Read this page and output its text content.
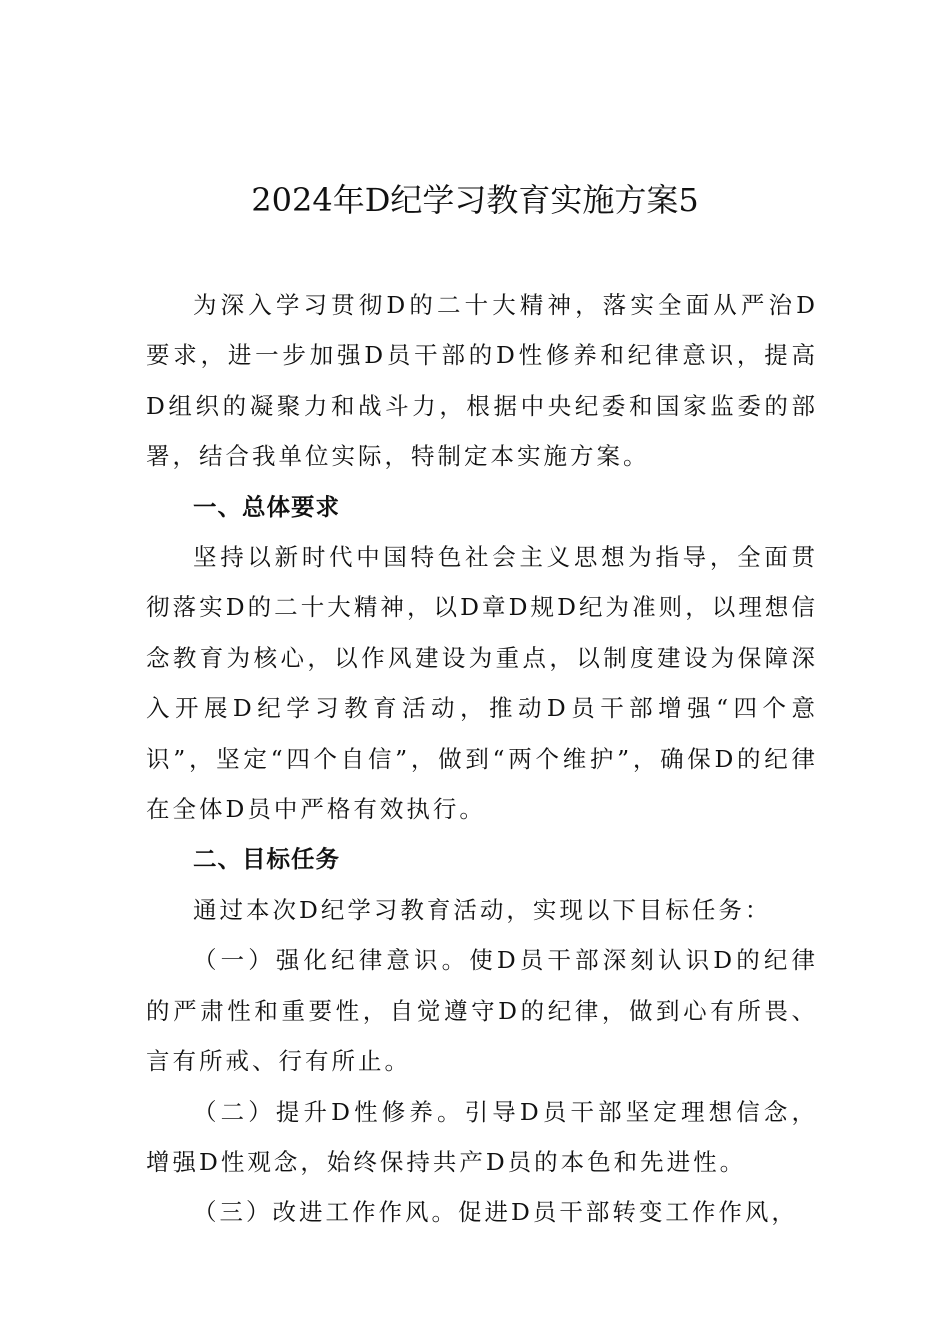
2024年D纪学习教育实施方案5

为深入学习贯彻D的二十大精神，落实全面从严治D要求，进一步加强D员干部的D性修养和纪律意识，提高D组织的凝聚力和战斗力，根据中央纪委和国家监委的部署，结合我单位实际，特制定本实施方案。

一、总体要求

坚持以新时代中国特色社会主义思想为指导，全面贯彻落实D的二十大精神，以D章D规D纪为准则，以理想信念教育为核心，以作风建设为重点，以制度建设为保障深入开展D纪学习教育活动，推动D员干部增强“四个意识”，坚定“四个自信”，做到“两个维护”，确保D的纪律在全体D员中严格有效执行。

二、目标任务

通过本次D纪学习教育活动，实现以下目标任务：

（一）强化纪律意识。使D员干部深刻认识D的纪律的严肃性和重要性，自觉遵守D的纪律，做到心有所畏、言有所戒、行有所止。

（二）提升D性修养。引导D员干部坚定理想信念，增强D性观念，始终保持共产D员的本色和先进性。

（三）改进工作作风。促进D员干部转变工作作风，
